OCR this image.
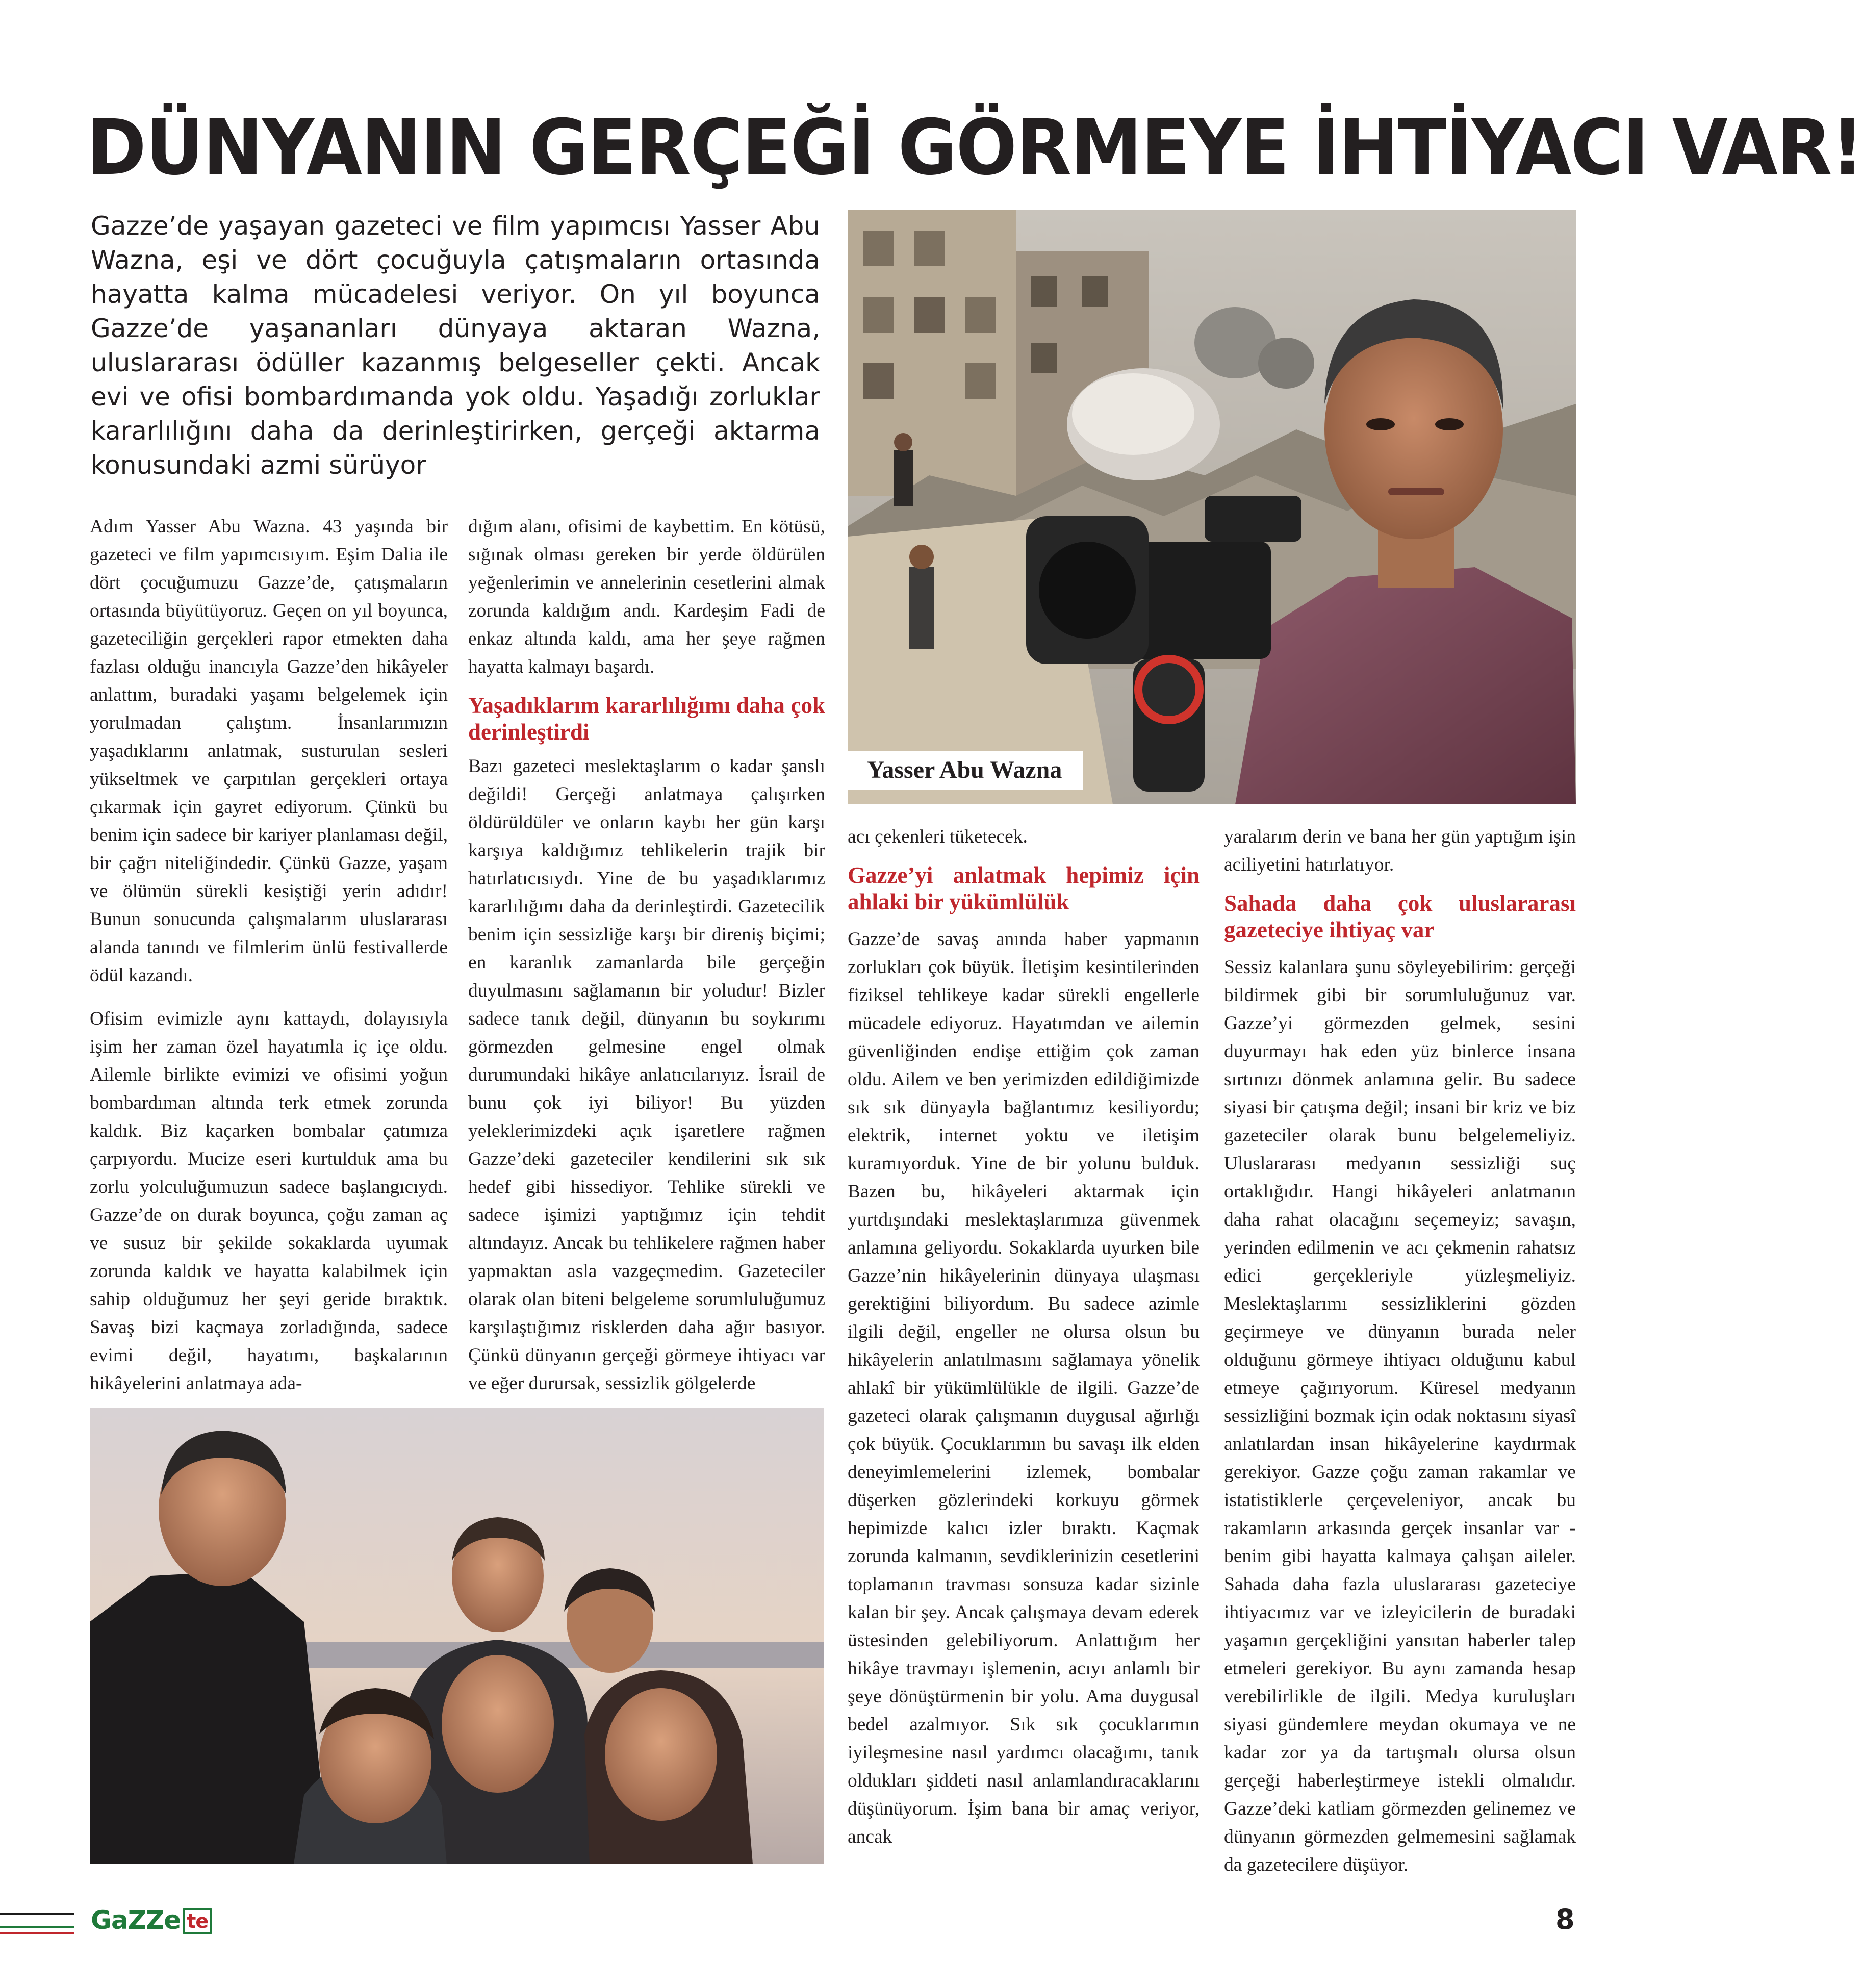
DÜNYANIN GERÇEĞİ GÖRMEYE İHTİYACI VAR!

Gazze’de yaşayan gazeteci ve film yapımcısı Yasser Abu Wazna, eşi ve dört çocuğuyla çatışmaların ortasında hayatta kalma mücadelesi veriyor. On yıl boyunca Gazze’de yaşananları dünyaya aktaran Wazna, uluslararası ödüller kazanmış belgeseller çekti. Ancak evi ve ofisi bombardımanda yok oldu. Yaşadığı zorluklar kararlılığını daha da derinleştirirken, gerçeği aktarma konusundaki azmi sürüyor

Yasser Abu Wazna

Adım Yasser Abu Wazna. 43 yaşında bir gazeteci ve film yapımcısıyım. Eşim Dalia ile dört çocuğumuzu Gazze’de, çatışmaların ortasında büyütüyoruz. Geçen on yıl boyunca, gazeteciliğin gerçekleri rapor etmekten daha fazlası olduğu inancıyla Gazze’den hikâyeler anlattım, buradaki yaşamı belgelemek için yorulmadan çalıştım. İnsanlarımızın yaşadıklarını anlatmak, susturulan sesleri yükseltmek ve çarpıtılan gerçekleri ortaya çıkarmak için gayret ediyorum. Çünkü bu benim için sadece bir kariyer planlaması değil, bir çağrı niteliğindedir. Çünkü Gazze, yaşam ve ölümün sürekli kesiştiği yerin adıdır! Bunun sonucunda çalışmalarım uluslararası alanda tanındı ve filmlerim ünlü festivallerde ödül kazandı.

Ofisim evimizle aynı kattaydı, dolayısıyla işim her zaman özel hayatımla iç içe oldu. Ailemle birlikte evimizi ve ofisimi yoğun bombardıman altında terk etmek zorunda kaldık. Biz kaçarken bombalar çatımıza çarpıyordu. Mucize eseri kurtulduk ama bu zorlu yolculuğumuzun sadece başlangıcıydı. Gazze’de on durak boyunca, çoğu zaman aç ve susuz bir şekilde sokaklarda uyumak zorunda kaldık ve hayatta kalabilmek için sahip olduğumuz her şeyi geride bıraktık. Savaş bizi kaçmaya zorladığında, sadece evimi değil, hayatımı, başkalarının hikâyelerini anlatmaya ada-

dığım alanı, ofisimi de kaybettim. En kötüsü, sığınak olması gereken bir yerde öldürülen yeğenlerimin ve annelerinin cesetlerini almak zorunda kaldığım andı. Kardeşim Fadi de enkaz altında kaldı, ama her şeye rağmen hayatta kalmayı başardı.

Yaşadıklarım kararlılığımı daha çok derinleştirdi

Bazı gazeteci meslektaşlarım o kadar şanslı değildi! Gerçeği anlatmaya çalışırken öldürüldüler ve onların kaybı her gün karşı karşıya kaldığımız tehlikelerin trajik bir hatırlatıcısıydı. Yine de bu yaşadıklarımız kararlılığımı daha da derinleştirdi. Gazetecilik benim için sessizliğe karşı bir direniş biçimi; en karanlık zamanlarda bile gerçeğin duyulmasını sağlamanın bir yoludur! Bizler sadece tanık değil, dünyanın bu soykırımı görmezden gelmesine engel olmak durumundaki hikâye anlatıcılarıyız. İsrail de bunu çok iyi biliyor! Bu yüzden yeleklerimizdeki açık işaretlere rağmen Gazze’deki gazeteciler kendilerini sık sık hedef gibi hissediyor. Tehlike sürekli ve sadece işimizi yaptığımız için tehdit altındayız. Ancak bu tehlikelere rağmen haber yapmaktan asla vazgeçmedim. Gazeteciler olarak olan biteni belgeleme sorumluluğumuz karşılaştığımız risklerden daha ağır basıyor. Çünkü dünyanın gerçeği görmeye ihtiyacı var ve eğer durursak, sessizlik gölgelerde

acı çekenleri tüketecek.

Gazze’yi anlatmak hepimiz için ahlaki bir yükümlülük

Gazze’de savaş anında haber yapmanın zorlukları çok büyük. İletişim kesintilerinden fiziksel tehlikeye kadar sürekli engellerle mücadele ediyoruz. Hayatımdan ve ailemin güvenliğinden endişe ettiğim çok zaman oldu. Ailem ve ben yerimizden edildiğimizde sık sık dünyayla bağlantımız kesiliyordu; elektrik, internet yoktu ve iletişim kuramıyorduk. Yine de bir yolunu bulduk. Bazen bu, hikâyeleri aktarmak için yurtdışındaki meslektaşlarımıza güvenmek anlamına geliyordu. Sokaklarda uyurken bile Gazze’nin hikâyelerinin dünyaya ulaşması gerektiğini biliyordum. Bu sadece azimle ilgili değil, engeller ne olursa olsun bu hikâyelerin anlatılmasını sağlamaya yönelik ahlakî bir yükümlülükle de ilgili. Gazze’de gazeteci olarak çalışmanın duygusal ağırlığı çok büyük. Çocuklarımın bu savaşı ilk elden deneyimlemelerini izlemek, bombalar düşerken gözlerindeki korkuyu görmek hepimizde kalıcı izler bıraktı. Kaçmak zorunda kalmanın, sevdiklerinizin cesetlerini toplamanın travması sonsuza kadar sizinle kalan bir şey. Ancak çalışmaya devam ederek üstesinden gelebiliyorum. Anlattığım her hikâye travmayı işlemenin, acıyı anlamlı bir şeye dönüştürmenin bir yolu. Ama duygusal bedel azalmıyor. Sık sık çocuklarımın iyileşmesine nasıl yardımcı olacağımı, tanık oldukları şiddeti nasıl anlamlandıracaklarını düşünüyorum. İşim bana bir amaç veriyor, ancak

yaralarım derin ve bana her gün yaptığım işin aciliyetini hatırlatıyor.

Sahada daha çok uluslararası gazeteciye ihtiyaç var

Sessiz kalanlara şunu söyleyebilirim: gerçeği bildirmek gibi bir sorumluluğunuz var. Gazze’yi görmezden gelmek, sesini duyurmayı hak eden yüz binlerce insana sırtınızı dönmek anlamına gelir. Bu sadece siyasi bir çatışma değil; insani bir kriz ve biz gazeteciler olarak bunu belgelemeliyiz. Uluslararası medyanın sessizliği suç ortaklığıdır. Hangi hikâyeleri anlatmanın daha rahat olacağını seçemeyiz; savaşın, yerinden edilmenin ve acı çekmenin rahatsız edici gerçekleriyle yüzleşmeliyiz. Meslektaşlarımı sessizliklerini gözden geçirmeye ve dünyanın burada neler olduğunu görmeye ihtiyacı olduğunu kabul etmeye çağırıyorum. Küresel medyanın sessizliğini bozmak için odak noktasını siyasî anlatılardan insan hikâyelerine kaydırmak gerekiyor. Gazze çoğu zaman rakamlar ve istatistiklerle çerçeveleniyor, ancak bu rakamların arkasında gerçek insanlar var - benim gibi hayatta kalmaya çalışan aileler. Sahada daha fazla uluslararası gazeteciye ihtiyacımız var ve izleyicilerin de buradaki yaşamın gerçekliğini yansıtan haberler talep etmeleri gerekiyor. Bu aynı zamanda hesap verebilirlikle de ilgili. Medya kuruluşları siyasi gündemlere meydan okumaya ve ne kadar zor ya da tartışmalı olursa olsun gerçeği haberleştirmeye istekli olmalıdır. Gazze’deki katliam görmezden gelinemez ve dünyanın görmezden gelmemesini sağlamak da gazetecilere düşüyor.

GaZZe te	8
